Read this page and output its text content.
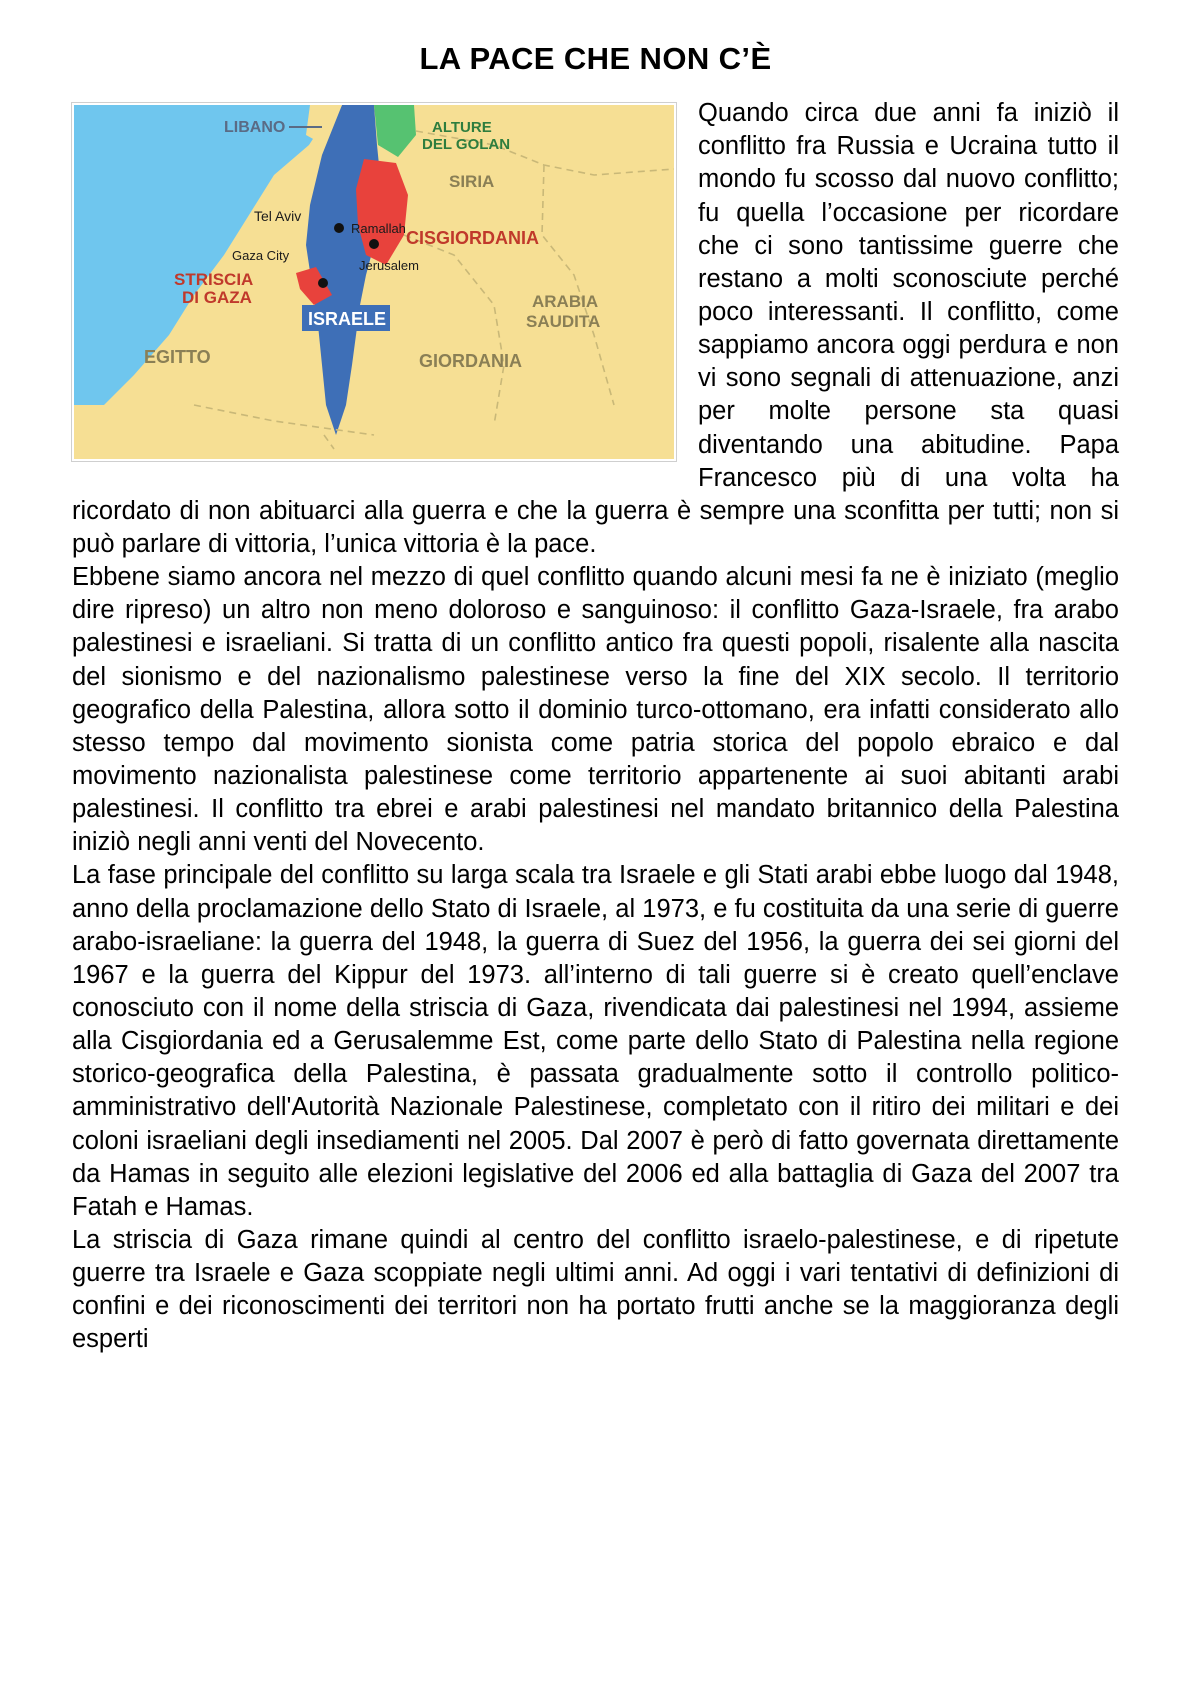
LA PACE CHE NON C’È
LIBANO	ALTURE
DEL GOLAN
SIRIA
Tel Aviv
Ramallah CISGIORDANIA
Gaza City
Jerusalem
STRISCIA
DI GAZA
ISRAELE
ARABIA
SAUDITA
EGITTO	GIORDANIA

Quando circa due anni fa iniziò il conflitto fra Russia e Ucraina tutto il mondo fu scosso dal nuovo conflitto; fu quella l’occasione per ricordare che ci sono tantissime guerre che restano a molti sconosciute perché poco interessanti. Il conflitto, come sappiamo ancora oggi perdura e non vi sono segnali di attenuazione, anzi per molte persone sta quasi diventando una abitudine. Papa Francesco più di una volta ha ricordato di non abituarci alla guerra e che la guerra è sempre una sconfitta per tutti; non si può parlare di vittoria, l’unica vittoria è la pace.

Ebbene siamo ancora nel mezzo di quel conflitto quando alcuni mesi fa ne è iniziato (meglio dire ripreso) un altro non meno doloroso e sanguinoso: il conflitto Gaza-Israele, fra arabo palestinesi e israeliani. Si tratta di un conflitto antico fra questi popoli, risalente alla nascita del sionismo e del nazionalismo palestinese verso la fine del XIX secolo. Il territorio geografico della Palestina, allora sotto il dominio turco-ottomano, era infatti considerato allo stesso tempo dal movimento sionista come patria storica del popolo ebraico e dal movimento nazionalista palestinese come territorio appartenente ai suoi abitanti arabi palestinesi. Il conflitto tra ebrei e arabi palestinesi nel mandato britannico della Palestina iniziò negli anni venti del Novecento.

La fase principale del conflitto su larga scala tra Israele e gli Stati arabi ebbe luogo dal 1948, anno della proclamazione dello Stato di Israele, al 1973, e fu costituita da una serie di guerre arabo-israeliane: la guerra del 1948, la guerra di Suez del 1956, la guerra dei sei giorni del 1967 e la guerra del Kippur del 1973. all’interno di tali guerre si è creato quell’enclave conosciuto con il nome della striscia di Gaza, rivendicata dai palestinesi nel 1994, assieme alla Cisgiordania ed a Gerusalemme Est, come parte dello Stato di Palestina nella regione storico-geografica della Palestina, è passata gradualmente sotto il controllo politico-amministrativo dell'Autorità Nazionale Palestinese, completato con il ritiro dei militari e dei coloni israeliani degli insediamenti nel 2005. Dal 2007 è però di fatto governata direttamente da Hamas in seguito alle elezioni legislative del 2006 ed alla battaglia di Gaza del 2007 tra Fatah e Hamas.

La striscia di Gaza rimane quindi al centro del conflitto israelo-palestinese, e di ripetute guerre tra Israele e Gaza scoppiate negli ultimi anni. Ad oggi i vari tentativi di definizioni di confini e dei riconoscimenti dei territori non ha portato frutti anche se la maggioranza degli esperti
